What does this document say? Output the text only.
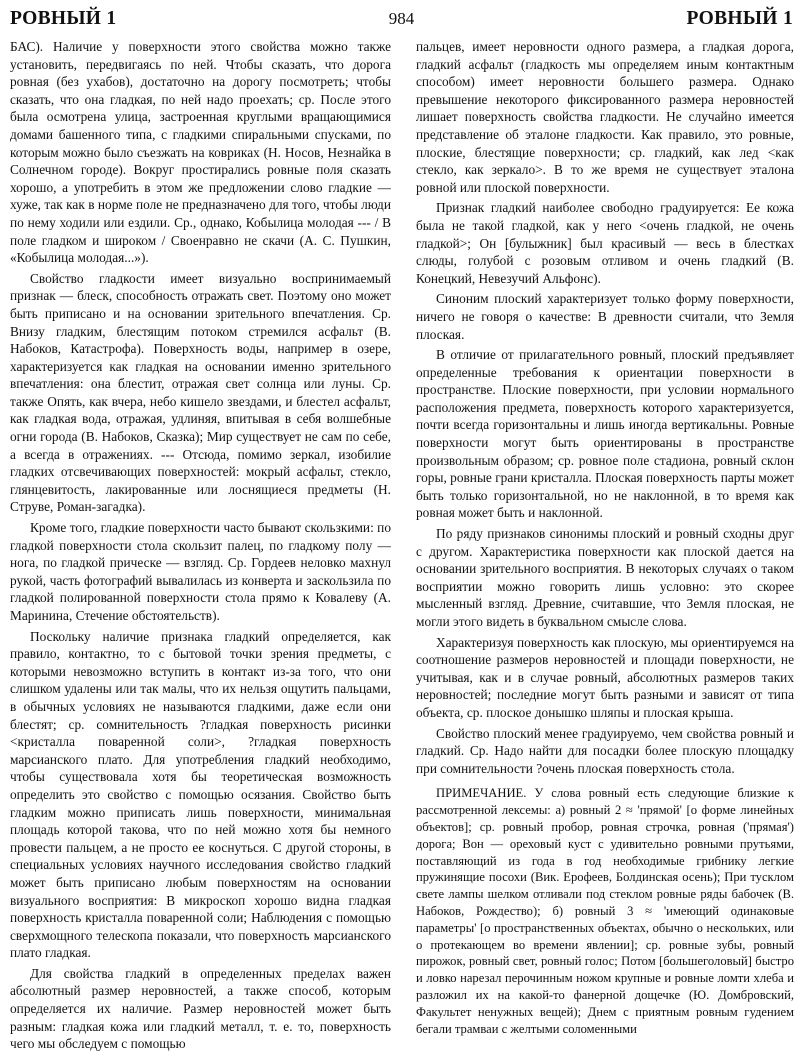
РОВНЫЙ 1	984	РОВНЫЙ 1

БАС). Наличие у поверхности этого свойства можно также установить, передвигаясь по ней. Чтобы сказать, что дорога ровная (без ухабов), достаточно на дорогу посмотреть; чтобы сказать, что она гладкая, по ней надо проехать; ср. После этого была осмотрена улица, застроенная круглыми вращающимися домами башенного типа, с гладкими спиральными спусками, по которым можно было съезжать на ковриках (Н. Носов, Незнайка в Солнечном городе). Вокруг простирались ровные поля сказать хорошо, а употребить в этом же предложении слово гладкие — хуже, так как в норме поле не предназначено для того, чтобы люди по нему ходили или ездили. Ср., однако, Кобылица молодая --- / В поле гладком и широком / Своенравно не скачи (А. С. Пушкин, «Кобылица молодая...»).

Свойство гладкости имеет визуально воспринимаемый признак — блеск, способность отражать свет. Поэтому оно может быть приписано и на основании зрительного впечатления. Ср. Внизу гладким, блестящим потоком стремился асфальт (В. Набоков, Катастрофа). Поверхность воды, например в озере, характеризуется как гладкая на основании именно зрительного впечатления: она блестит, отражая свет солнца или луны. Ср. также Опять, как вчера, небо кишело звездами, и блестел асфальт, как гладкая вода, отражая, удлиняя, впитывая в себя волшебные огни города (В. Набоков, Сказка); Мир существует не сам по себе, а всегда в отражениях. --- Отсюда, помимо зеркал, изобилие гладких отсвечивающих поверхностей: мокрый асфальт, стекло, глянцевитость, лакированные или лоснящиеся предметы (Н. Струве, Роман-загадка).

Кроме того, гладкие поверхности часто бывают скользкими: по гладкой поверхности стола скользит палец, по гладкому полу — нога, по гладкой прическе — взгляд. Ср. Гордеев неловко махнул рукой, часть фотографий вывалилась из конверта и заскользила по гладкой полированной поверхности стола прямо к Ковалеву (А. Маринина, Стечение обстоятельств).

Поскольку наличие признака гладкий определяется, как правило, контактно, то с бытовой точки зрения предметы, с которыми невозможно вступить в контакт из-за того, что они слишком удалены или так малы, что их нельзя ощутить пальцами, в обычных условиях не называются гладкими, даже если они блестят; ср. сомнительность ?гладкая поверхность рисинки <кристалла поваренной соли>, ?гладкая поверхность марсианского плато. Для употребления гладкий необходимо, чтобы существовала хотя бы теоретическая возможность определить это свойство с помощью осязания. Свойство быть гладким можно приписать лишь поверхности, минимальная площадь которой такова, что по ней можно хотя бы немного провести пальцем, а не просто ее коснуться. С другой стороны, в специальных условиях научного исследования свойство гладкий может быть приписано любым поверхностям на основании визуального восприятия: В микроскоп хорошо видна гладкая поверхность кристалла поваренной соли; Наблюдения с помощью сверхмощного телескопа показали, что поверхность марсианского плато гладкая.

Для свойства гладкий в определенных пределах важен абсолютный размер неровностей, а также способ, которым определяется их наличие. Размер неровностей может быть разным: гладкая кожа или гладкий металл, т. е. то, поверхность чего мы обследуем с помощью

пальцев, имеет неровности одного размера, а гладкая дорога, гладкий асфальт (гладкость мы определяем иным контактным способом) имеет неровности большего размера. Однако превышение некоторого фиксированного размера неровностей лишает поверхность свойства гладкости. Не случайно имеется представление об эталоне гладкости. Как правило, это ровные, плоские, блестящие поверхности; ср. гладкий, как лед <как стекло, как зеркало>. В то же время не существует эталона ровной или плоской поверхности.

Признак гладкий наиболее свободно градуируется: Ее кожа была не такой гладкой, как у него <очень гладкой, не очень гладкой>; Он [булыжник] был красивый — весь в блестках слюды, голубой с розовым отливом и очень гладкий (В. Конецкий, Невезучий Альфонс).

Синоним плоский характеризует только форму поверхности, ничего не говоря о качестве: В древности считали, что Земля плоская.

В отличие от прилагательного ровный, плоский предъявляет определенные требования к ориентации поверхности в пространстве. Плоские поверхности, при условии нормального расположения предмета, поверхность которого характеризуется, почти всегда горизонтальны и лишь иногда вертикальны. Ровные поверхности могут быть ориентированы в пространстве произвольным образом; ср. ровное поле стадиона, ровный склон горы, ровные грани кристалла. Плоская поверхность парты может быть только горизонтальной, но не наклонной, в то время как ровная может быть и наклонной.

По ряду признаков синонимы плоский и ровный сходны друг с другом. Характеристика поверхности как плоской дается на основании зрительного восприятия. В некоторых случаях о таком восприятии можно говорить лишь условно: это скорее мысленный взгляд. Древние, считавшие, что Земля плоская, не могли этого видеть в буквальном смысле слова.

Характеризуя поверхность как плоскую, мы ориентируемся на соотношение размеров неровностей и площади поверхности, не учитывая, как и в случае ровный, абсолютных размеров таких неровностей; последние могут быть разными и зависят от типа объекта, ср. плоское донышко шляпы и плоская крыша.

Свойство плоский менее градуируемо, чем свойства ровный и гладкий. Ср. Надо найти для посадки более плоскую площадку при сомнительности ?очень плоская поверхность стола.

ПРИМЕЧАНИЕ. У слова ровный есть следующие близкие к рассмотренной лексемы: а) ровный 2 ≈ 'прямой' [о форме линейных объектов]; ср. ровный пробор, ровная строчка, ровная ('прямая') дорога; Вон — ореховый куст с удивительно ровными прутьями, поставляющий из года в год необходимые грибнику легкие пружинящие посохи (Вик. Ерофеев, Болдинская осень); При тусклом свете лампы шелком отливали под стеклом ровные ряды бабочек (В. Набоков, Рождество); б) ровный 3 ≈ 'имеющий одинаковые параметры' [о пространственных объектах, обычно о нескольких, или о протекающем во времени явлении]; ср. ровные зубы, ровный пирожок, ровный свет, ровный голос; Потом [большеголовый] быстро и ловко нарезал перочинным ножом крупные и ровные ломти хлеба и разложил их на какой-то фанерной дощечке (Ю. Домбровский, Факультет ненужных вещей); Днем с приятным ровным гудением бегали трамваи с желтыми соломенными
